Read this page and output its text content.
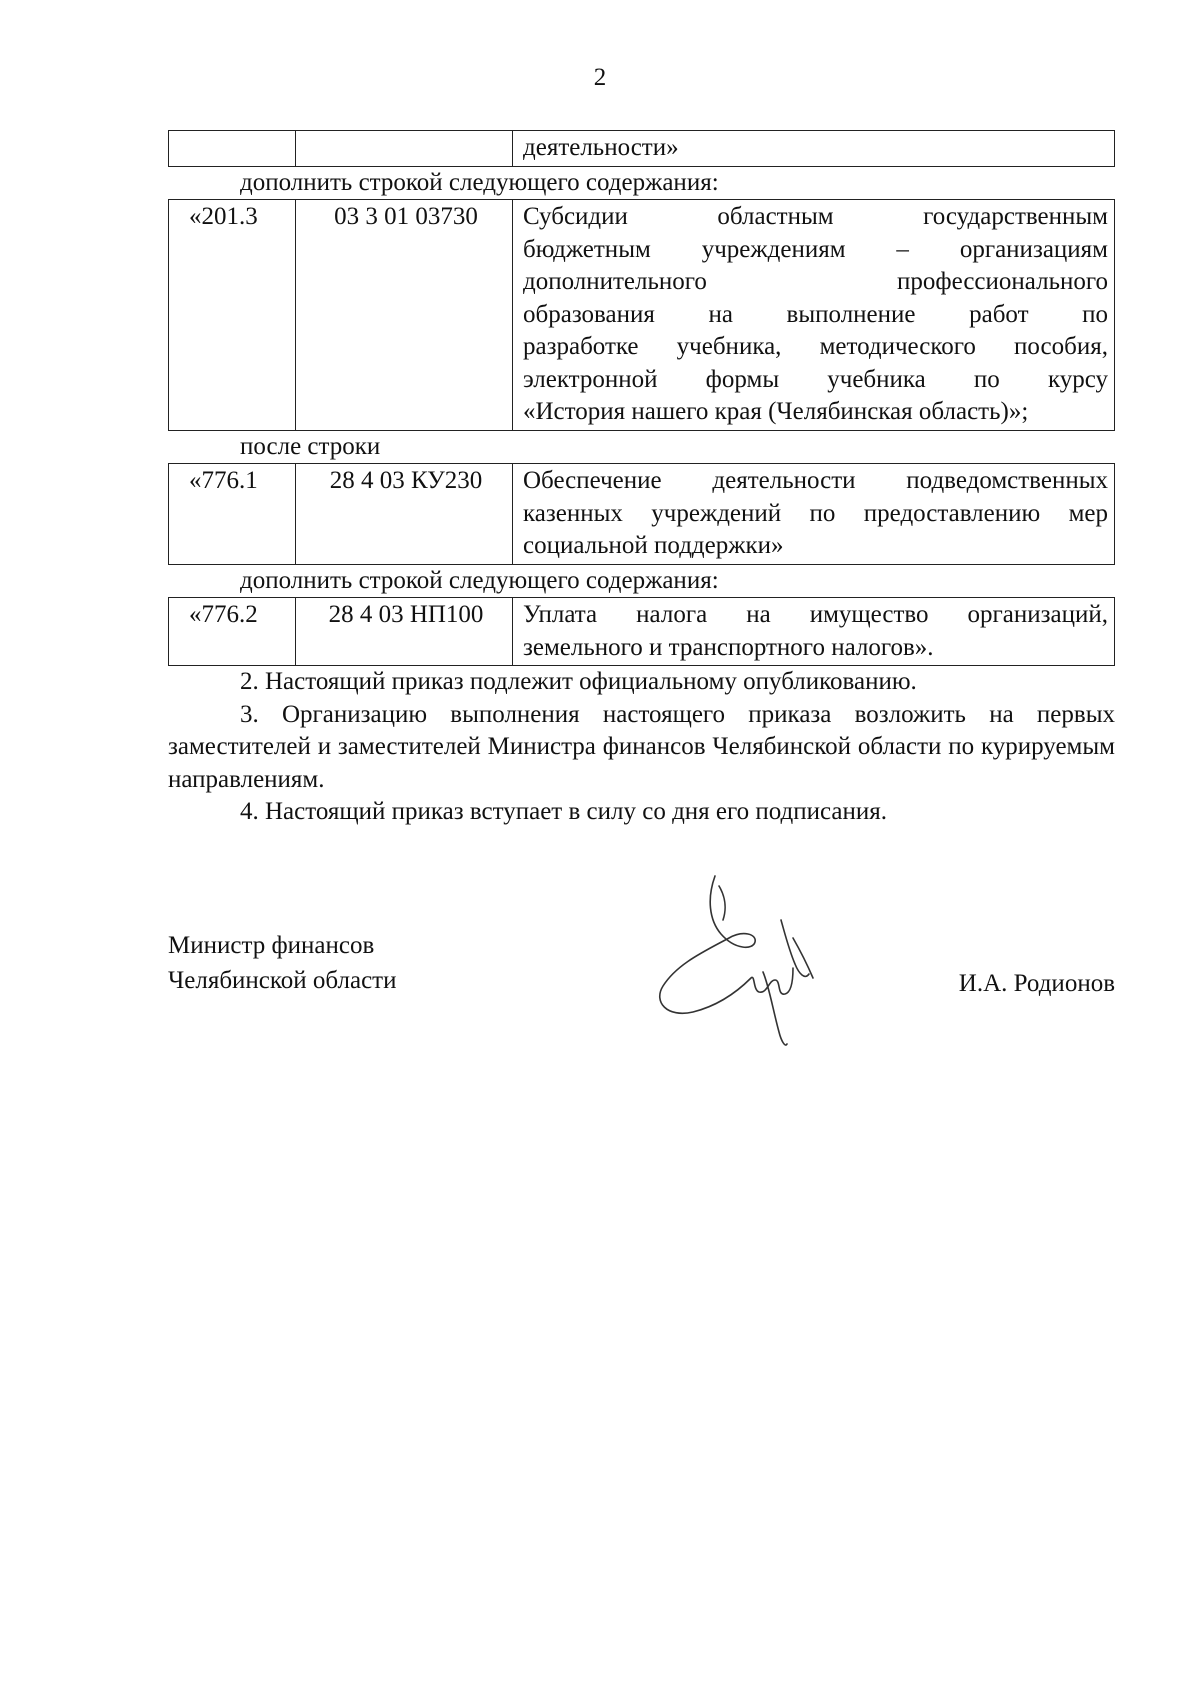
2
		деятельности»

дополнить строкой следующего содержания:

«201.3	03 3 01 03730	Субсидии областным государственным
бюджетным учреждениям – организациям
дополнительного профессионального
образования на выполнение работ по
разработке учебника, методического пособия,
электронной формы учебника по курсу
«История нашего края (Челябинская область)»;

после строки

«776.1	28 4 03 КУ230	Обеспечение деятельности подведомственных
казенных учреждений по предоставлению мер
социальной поддержки»

дополнить строкой следующего содержания:

«776.2	28 4 03 НП100	Уплата налога на имущество организаций,
земельного и транспортного налогов».

2. Настоящий приказ подлежит официальному опубликованию.

3. Организацию выполнения настоящего приказа возложить на первых заместителей и заместителей Министра финансов Челябинской области по курируемым направлениям.

4. Настоящий приказ вступает в силу со дня его подписания.

Министр финансов
Челябинской области	И.А. Родионов
